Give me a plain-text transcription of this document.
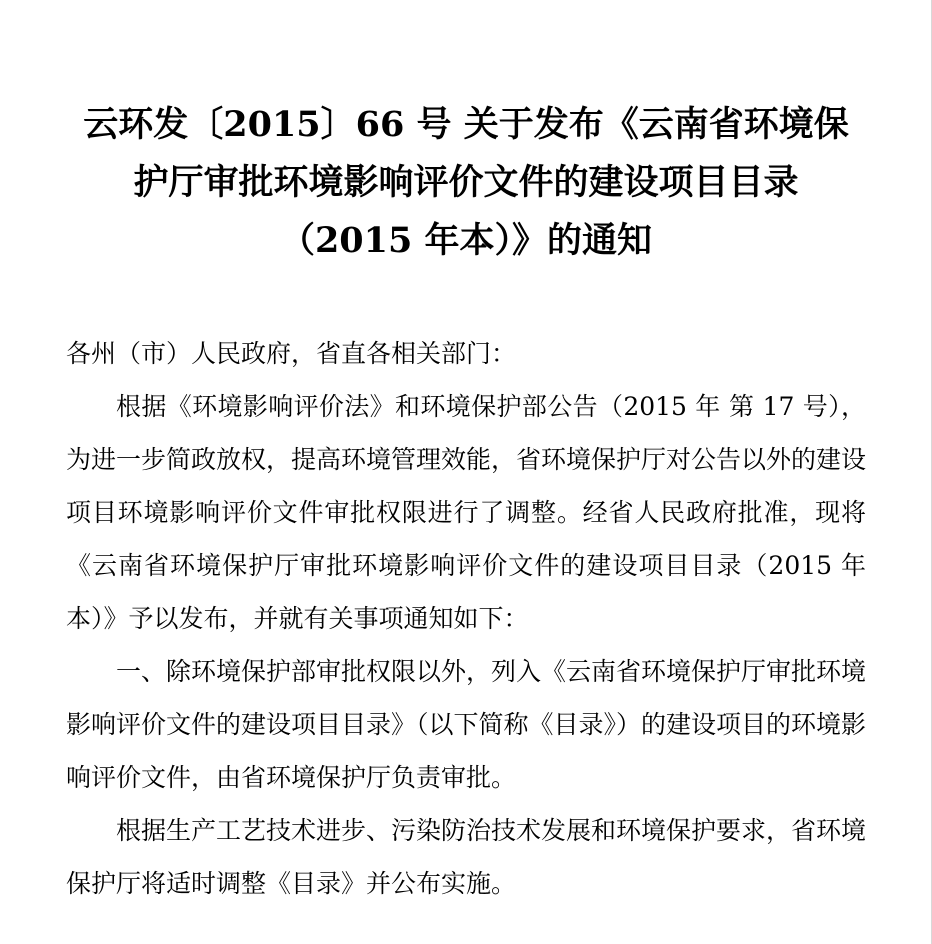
云环发〔2015〕66 号 关于发布《云南省环境保
护厅审批环境影响评价文件的建设项目目录
（2015 年本）》的通知

各州（市）人民政府，省直各相关部门：

根据《环境影响评价法》和环境保护部公告（2015 年 第 17 号），为进一步简政放权，提高环境管理效能，省环境保护厅对公告以外的建设项目环境影响评价文件审批权限进行了调整。经省人民政府批准，现将《云南省环境保护厅审批环境影响评价文件的建设项目目录（2015 年本）》予以发布，并就有关事项通知如下：

一、除环境保护部审批权限以外，列入《云南省环境保护厅审批环境影响评价文件的建设项目目录》（以下简称《目录》）的建设项目的环境影响评价文件，由省环境保护厅负责审批。

根据生产工艺技术进步、污染防治技术发展和环境保护要求，省环境保护厅将适时调整《目录》并公布实施。
